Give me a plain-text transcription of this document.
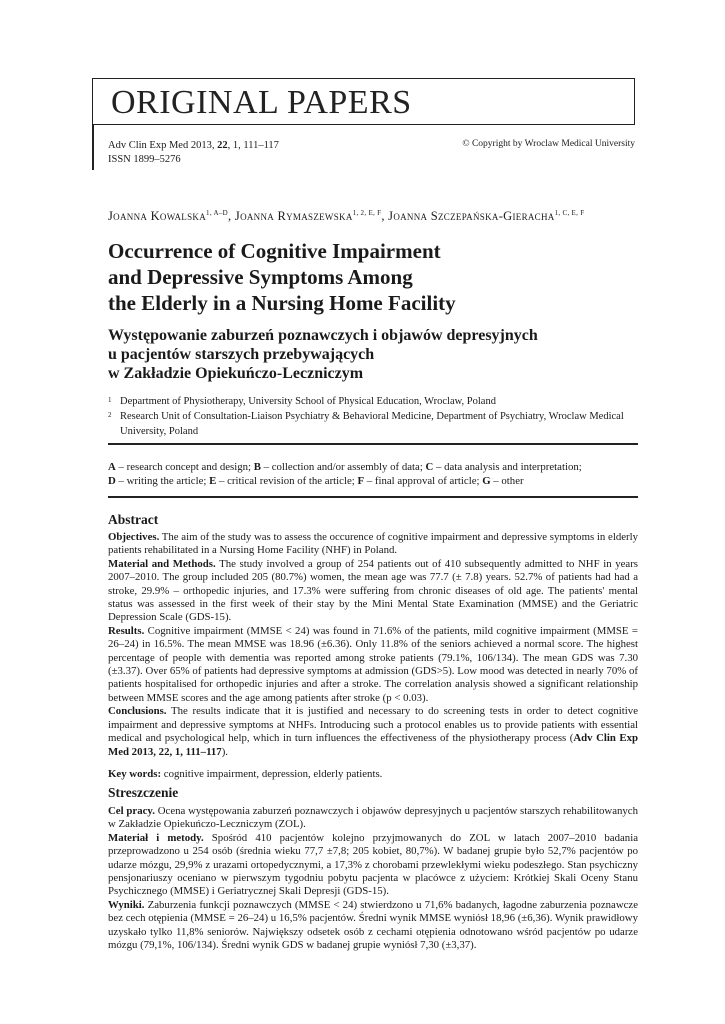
ORIGINAL PAPERS
Adv Clin Exp Med 2013, 22, 1, 111–117
ISSN 1899–5276
© Copyright by Wroclaw Medical University
Joanna Kowalska$^{1, A-D}$, Joanna Rymaszewska$^{1, 2, E, F}$, Joanna Szczepańska-Gieracha$^{1, C, E, F}$
Occurrence of Cognitive Impairment
and Depressive Symptoms Among
the Elderly in a Nursing Home Facility
Występowanie zaburzeń poznawczych i objawów depresyjnych
u pacjentów starszych przebywających
w Zakładzie Opiekuńczo-Leczniczym
1 Department of Physiotherapy, University School of Physical Education, Wroclaw, Poland
2 Research Unit of Consultation-Liaison Psychiatry & Behavioral Medicine, Department of Psychiatry, Wroclaw Medical University, Poland
A – research concept and design; B – collection and/or assembly of data; C – data analysis and interpretation;
D – writing the article; E – critical revision of the article; F – final approval of article; G – other
Abstract

Objectives. The aim of the study was to assess the occurence of cognitive impairment and depressive symptoms in elderly patients rehabilitated in a Nursing Home Facility (NHF) in Poland.

Material and Methods. The study involved a group of 254 patients out of 410 subsequently admitted to NHF in years 2007–2010. The group included 205 (80.7%) women, the mean age was 77.7 (± 7.8) years. 52.7% of patients had had a stroke, 29.9% – orthopedic injuries, and 17.3% were suffering from chronic diseases of old age. The patients' mental status was assessed in the first week of their stay by the Mini Mental State Examination (MMSE) and the Geriatric Depression Scale (GDS-15).

Results. Cognitive impairment (MMSE < 24) was found in 71.6% of the patients, mild cognitive impairment (MMSE = 26–24) in 16.5%. The mean MMSE was 18.96 (±6.36). Only 11.8% of the seniors achieved a normal score. The highest percentage of people with dementia was reported among stroke patients (79.1%, 106/134). The mean GDS was 7.30 (±3.37). Over 65% of patients had depressive symptoms at admission (GDS>5). Low mood was detected in nearly 70% of patients hospitalised for orthopedic injuries and after a stroke. The correlation analysis showed a significant relationship between MMSE scores and the age among patients after stroke (p < 0.03).

Conclusions. The results indicate that it is justified and necessary to do screening tests in order to detect cognitive impairment and depressive symptoms at NHFs. Introducing such a protocol enables us to provide patients with essential medical and psychological help, which in turn influences the effectiveness of the physiotherapy process (Adv Clin Exp Med 2013, 22, 1, 111–117).

Key words: cognitive impairment, depression, elderly patients.

Streszczenie

Cel pracy. Ocena występowania zaburzeń poznawczych i objawów depresyjnych u pacjentów starszych rehabilitowanych w Zakładzie Opiekuńczo-Leczniczym (ZOL).

Materiał i metody. Spośród 410 pacjentów kolejno przyjmowanych do ZOL w latach 2007–2010 badania przeprowadzono u 254 osób (średnia wieku 77,7 ±7,8; 205 kobiet, 80,7%). W badanej grupie było 52,7% pacjentów po udarze mózgu, 29,9% z urazami ortopedycznymi, a 17,3% z chorobami przewlekłymi wieku podeszłego. Stan psychiczny pensjonariuszy oceniano w pierwszym tygodniu pobytu pacjenta w placówce z użyciem: Krótkiej Skali Oceny Stanu Psychicznego (MMSE) i Geriatrycznej Skali Depresji (GDS-15).

Wyniki. Zaburzenia funkcji poznawczych (MMSE < 24) stwierdzono u 71,6% badanych, łagodne zaburzenia poznawcze bez cech otępienia (MMSE = 26–24) u 16,5% pacjentów. Średni wynik MMSE wyniósł 18,96 (±6,36). Wynik prawidłowy uzyskało tylko 11,8% seniorów. Największy odsetek osób z cechami otępienia odnotowano wśród pacjentów po udarze mózgu (79,1%, 106/134). Średni wynik GDS w badanej grupie wyniósł 7,30 (±3,37).
